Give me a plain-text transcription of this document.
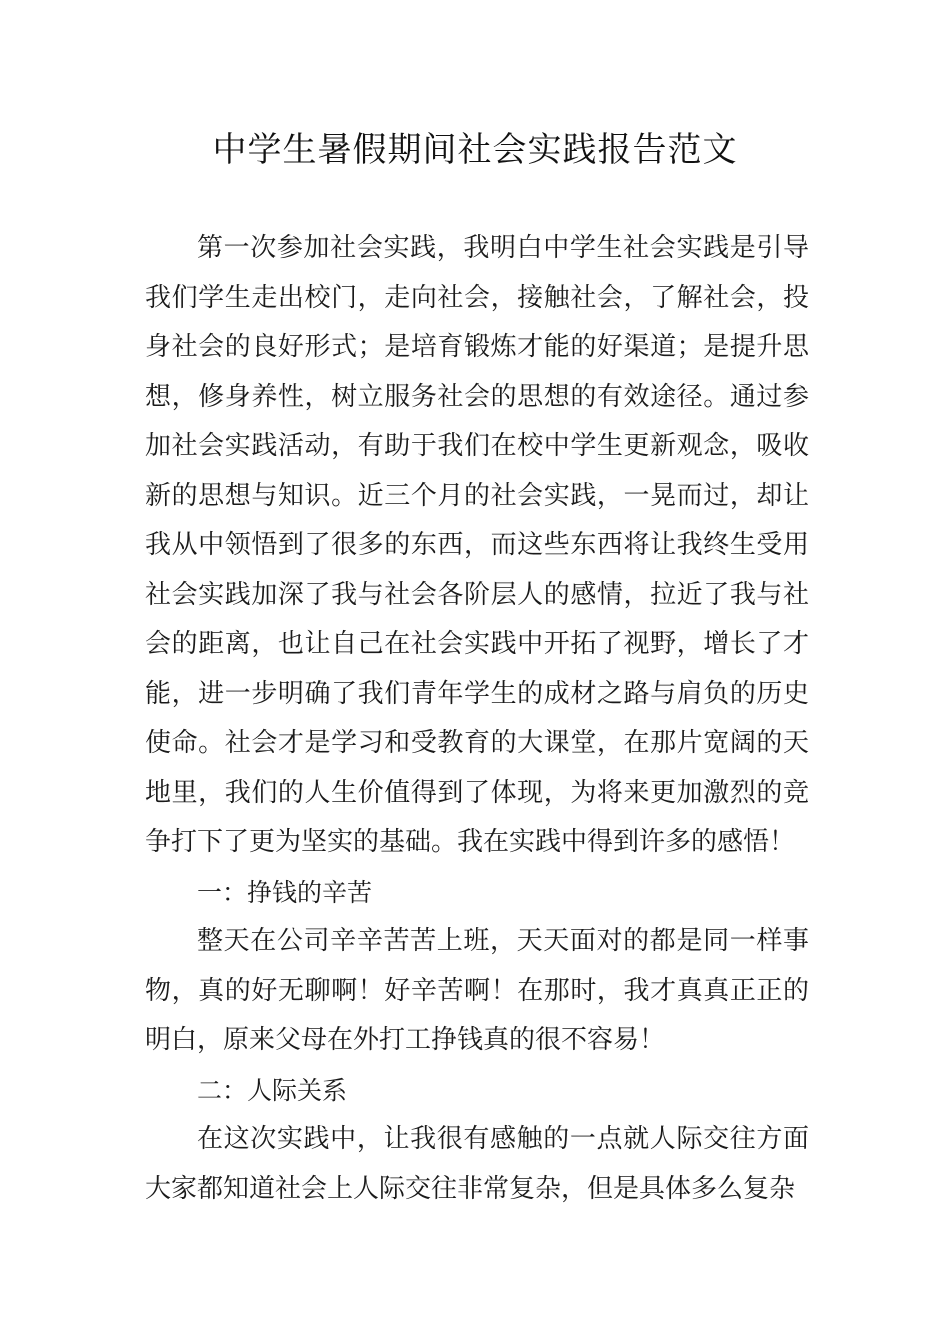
中学生暑假期间社会实践报告范文

第一次参加社会实践，我明白中学生社会实践是引导我们学生走出校门，走向社会，接触社会，了解社会，投身社会的良好形式；是培育锻炼才能的好渠道；是提升思想，修身养性，树立服务社会的思想的有效途径。通过参加社会实践活动，有助于我们在校中学生更新观念，吸收新的思想与知识。近三个月的社会实践，一晃而过，却让我从中领悟到了很多的东西，而这些东西将让我终生受用社会实践加深了我与社会各阶层人的感情，拉近了我与社会的距离，也让自己在社会实践中开拓了视野，增长了才能，进一步明确了我们青年学生的成材之路与肩负的历史使命。社会才是学习和受教育的大课堂，在那片宽阔的天地里，我们的人生价值得到了体现，为将来更加激烈的竞争打下了更为坚实的基础。我在实践中得到许多的感悟！

一：挣钱的辛苦

整天在公司辛辛苦苦上班，天天面对的都是同一样事物，真的好无聊啊！好辛苦啊！在那时，我才真真正正的明白，原来父母在外打工挣钱真的很不容易！

二：人际关系

在这次实践中，让我很有感触的一点就人际交往方面大家都知道社会上人际交往非常复杂，但是具体多么复杂
